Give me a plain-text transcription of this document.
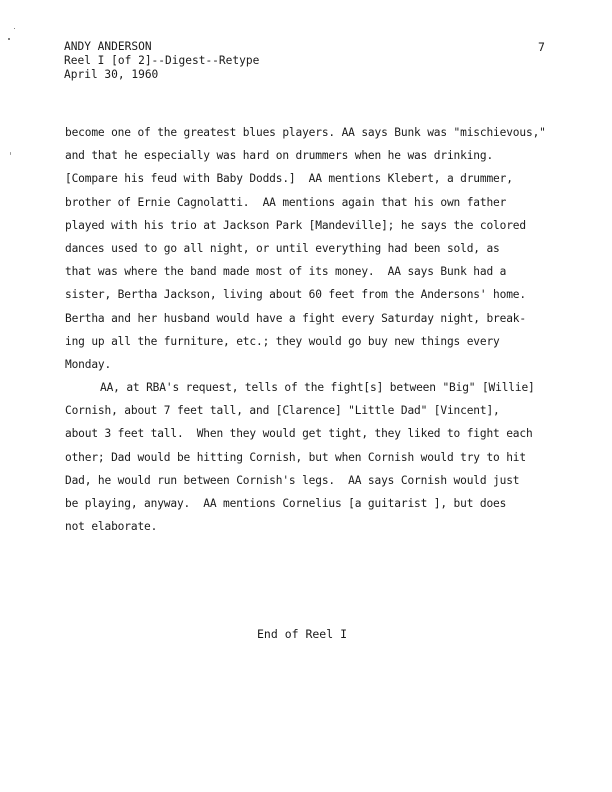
ANDY ANDERSON
Reel I [of 2]--Digest--Retype
April 30, 1960
7
become one of the greatest blues players. AA says Bunk was "mischievous,"
and that he especially was hard on drummers when he was drinking.
[Compare his feud with Baby Dodds.]  AA mentions Klebert, a drummer,
brother of Ernie Cagnolatti.  AA mentions again that his own father
played with his trio at Jackson Park [Mandeville]; he says the colored
dances used to go all night, or until everything had been sold, as
that was where the band made most of its money.  AA says Bunk had a
sister, Bertha Jackson, living about 60 feet from the Andersons' home.
Bertha and her husband would have a fight every Saturday night, break-
ing up all the furniture, etc.; they would go buy new things every
Monday.
AA, at RBA's request, tells of the fight[s] between "Big" [Willie]
Cornish, about 7 feet tall, and [Clarence] "Little Dad" [Vincent],
about 3 feet tall.  When they would get tight, they liked to fight each
other; Dad would be hitting Cornish, but when Cornish would try to hit
Dad, he would run between Cornish's legs.  AA says Cornish would just
be playing, anyway.  AA mentions Cornelius [a guitarist ], but does
not elaborate.
End of Reel I
